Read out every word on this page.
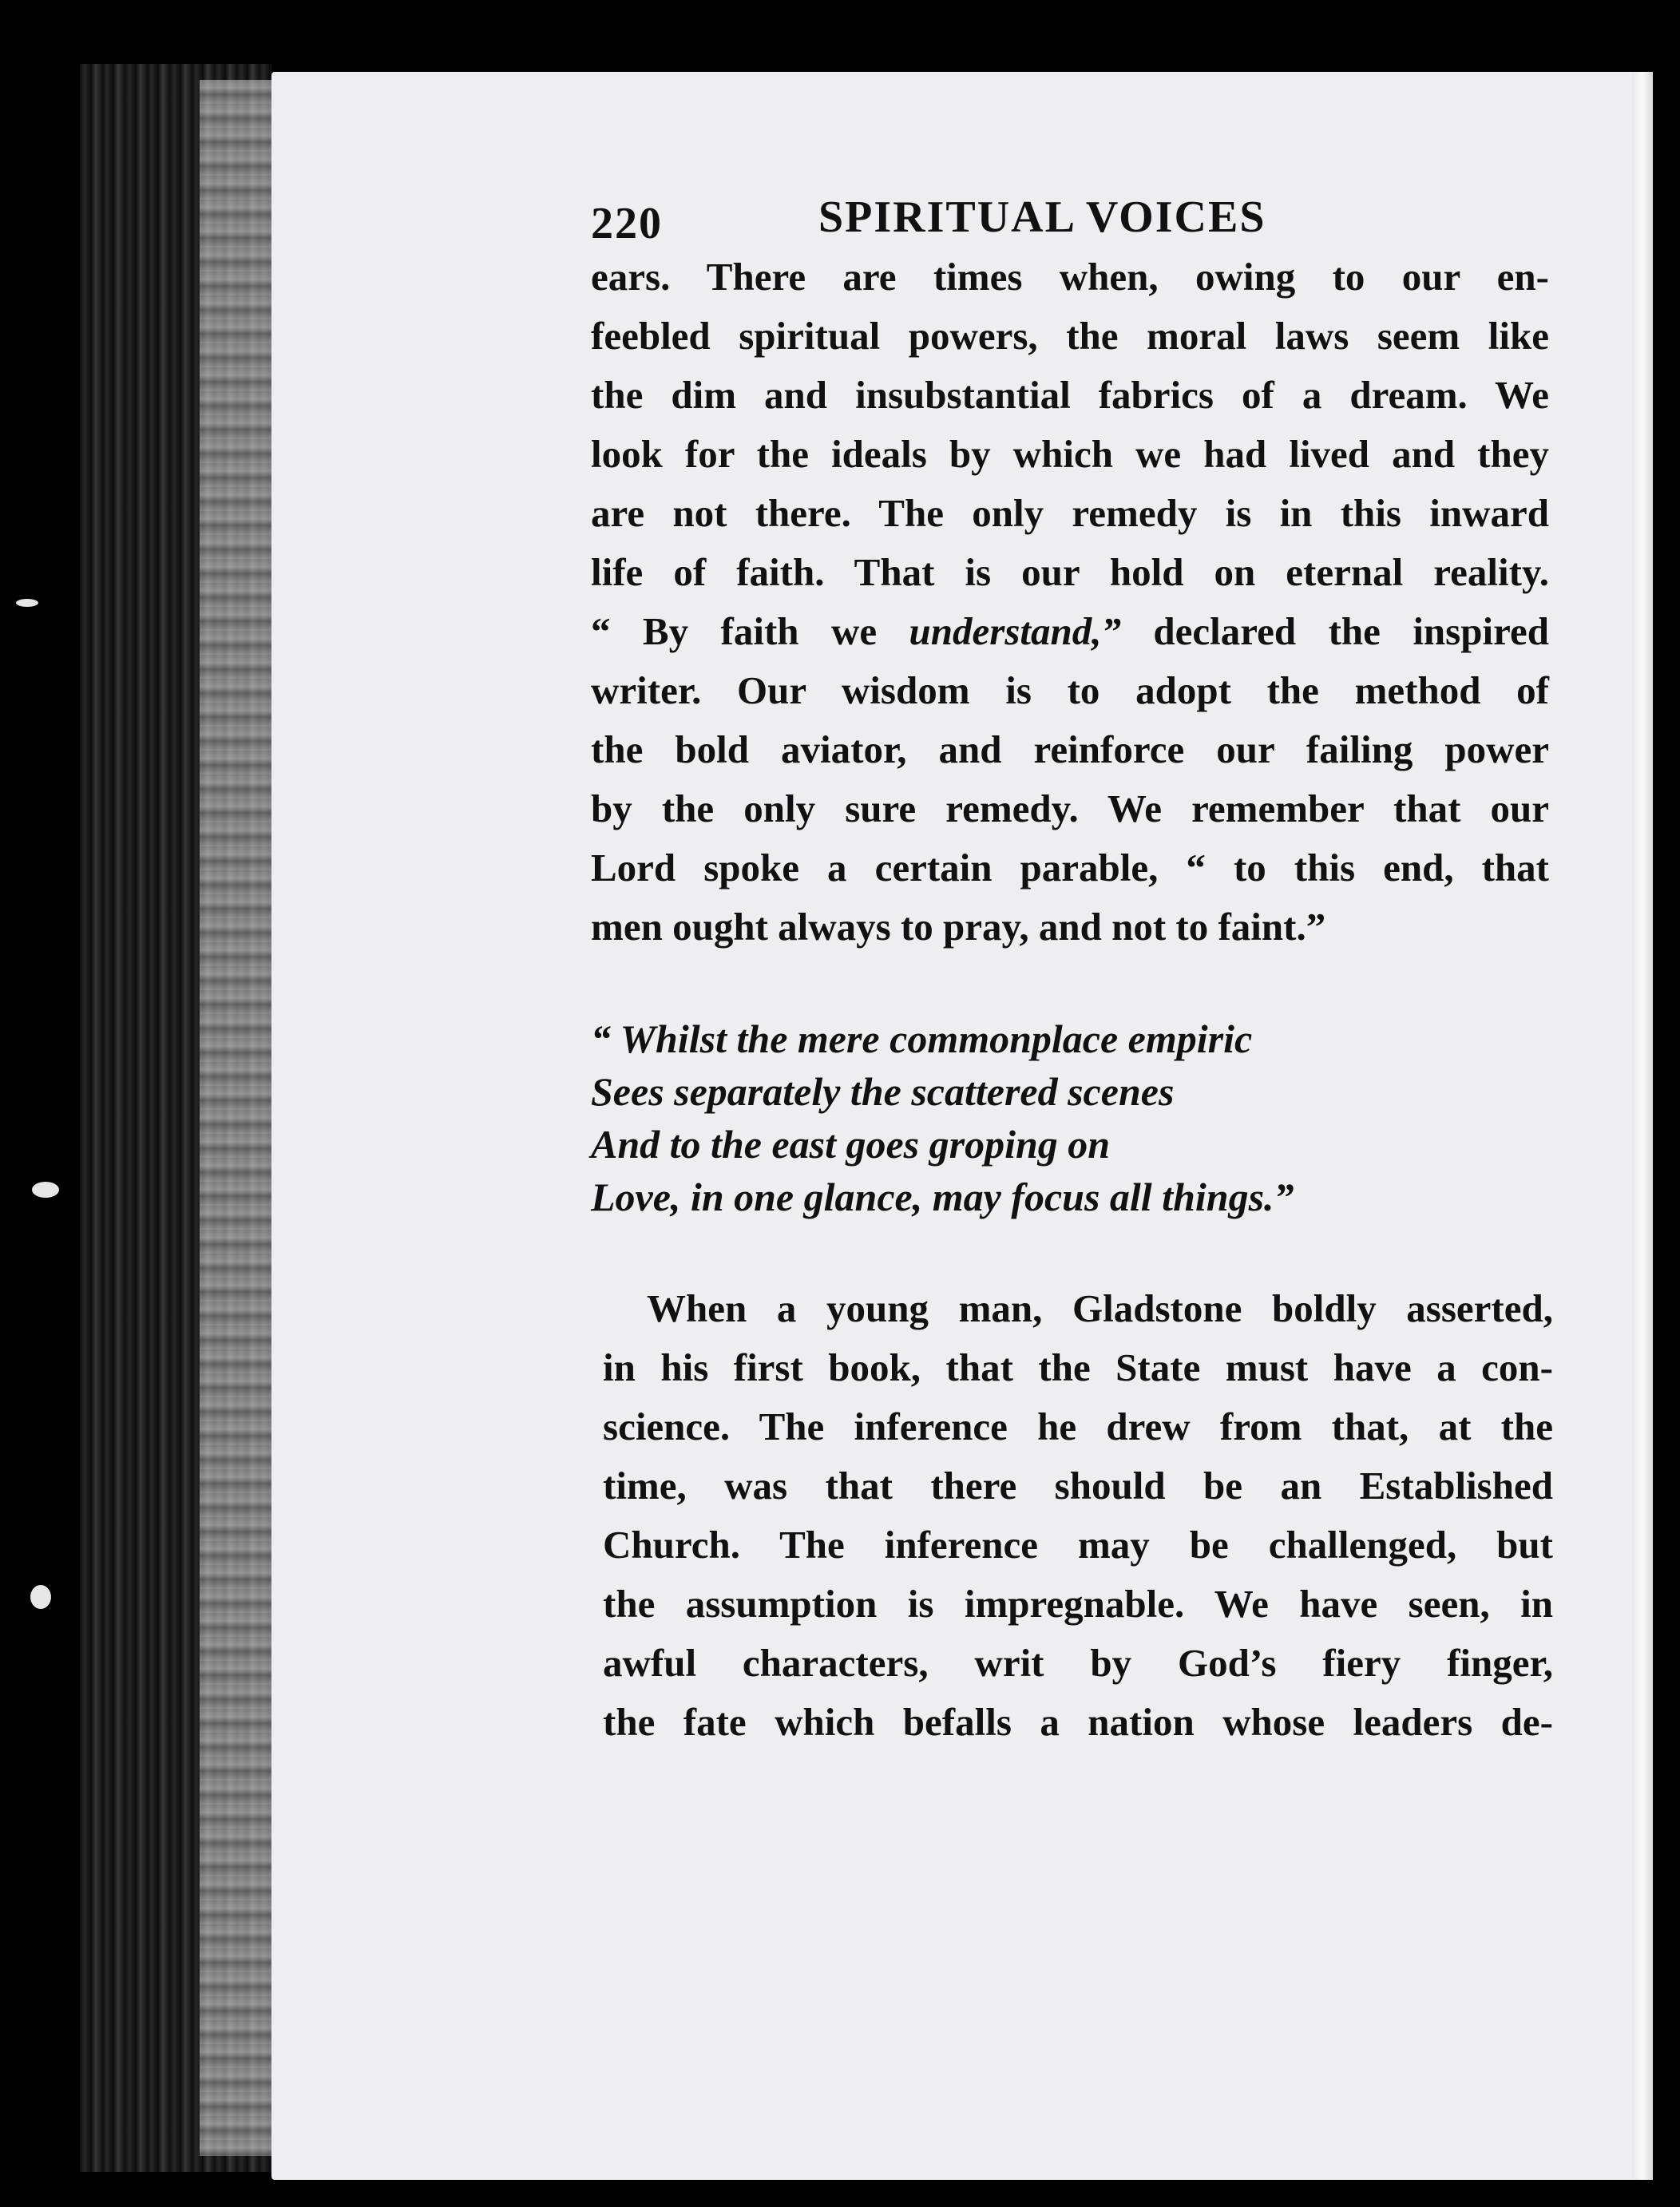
220	SPIRITUAL VOICES

ears. There are times when, owing to our en-
feebled spiritual powers, the moral laws seem like
the dim and insubstantial fabrics of a dream. We
look for the ideals by which we had lived and they
are not there. The only remedy is in this inward
life of faith. That is our hold on eternal reality.
“ By faith we understand,” declared the inspired
writer. Our wisdom is to adopt the method of
the bold aviator, and reinforce our failing power
by the only sure remedy. We remember that our
Lord spoke a certain parable, “ to this end, that
men ought always to pray, and not to faint.”

“ Whilst the mere commonplace empiric
Sees separately the scattered scenes
And to the east goes groping on
Love, in one glance, may focus all things.”

When a young man, Gladstone boldly asserted,
in his first book, that the State must have a con-
science. The inference he drew from that, at the
time, was that there should be an Established
Church. The inference may be challenged, but
the assumption is impregnable. We have seen, in
awful characters, writ by God’s fiery finger,
the fate which befalls a nation whose leaders de-
